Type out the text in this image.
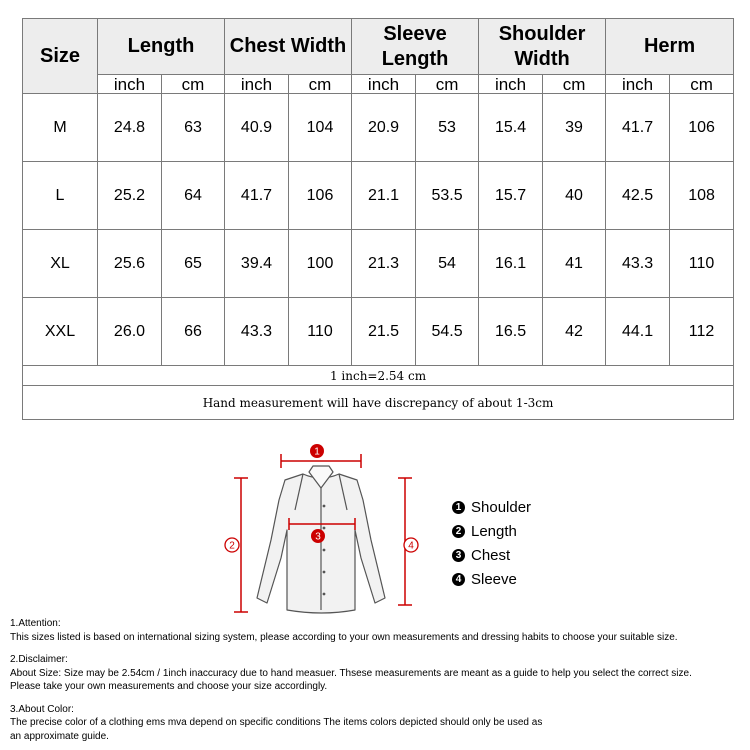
Size	Length		Chest Width		Sleeve Length		Shoulder Width		Herm	
	inch	cm	inch	cm	inch	cm	inch	cm	inch	cm
M	24.8	63	40.9	104	20.9	53	15.4	39	41.7	106
L	25.2	64	41.7	106	21.1	53.5	15.7	40	42.5	108
XL	25.6	65	39.4	100	21.3	54	16.1	41	43.3	110
XXL	26.0	66	43.3	110	21.5	54.5	16.5	42	44.1	112
1 inch=2.54 cm										
Hand measurement will have discrepancy of about 1-3cm										
1
2
3
4
1 Shoulder
2 Length
3 Chest
4 Sleeve

1.Attention:

This sizes listed is based on international sizing system, please according to your own measurements and dressing habits to choose your suitable size.

2.Disclaimer:

About Size: Size may be 2.54cm / 1inch inaccuracy due to hand measuer. Thsese measurements are meant as a guide to help you select the correct size.

Please take your own measurements and choose your size accordingly.

3.About Color:

The precise color of a clothing ems mva depend on specific conditions The items colors depicted should only be used as

an approximate guide.
